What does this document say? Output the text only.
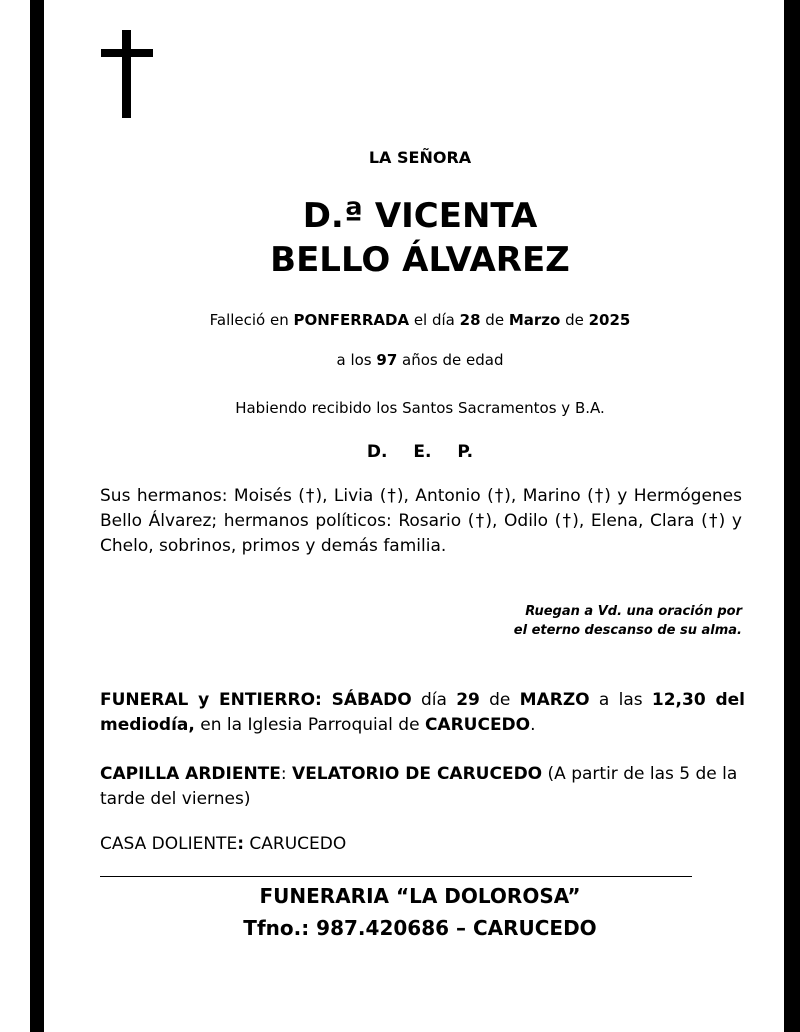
LA SEÑORA
D.ª VICENTA
BELLO ÁLVAREZ
Falleció en PONFERRADA el día 28 de Marzo de 2025
a los 97 años de edad
Habiendo recibido los Santos Sacramentos y B.A.
D. E. P.
Sus hermanos: Moisés (†), Livia (†), Antonio (†), Marino (†) y Hermógenes Bello Álvarez; hermanos políticos: Rosario (†), Odilo (†), Elena, Clara (†) y Chelo, sobrinos, primos y demás familia.
Ruegan a Vd. una oración por
el eterno descanso de su alma.
FUNERAL y ENTIERRO: SÁBADO día 29 de MARZO a las 12,30 del mediodía, en la Iglesia Parroquial de CARUCEDO.
CAPILLA ARDIENTE: VELATORIO DE CARUCEDO (A partir de las 5 de la tarde del viernes)
CASA DOLIENTE: CARUCEDO
FUNERARIA “LA DOLOROSA”
Tfno.: 987.420686 – CARUCEDO
